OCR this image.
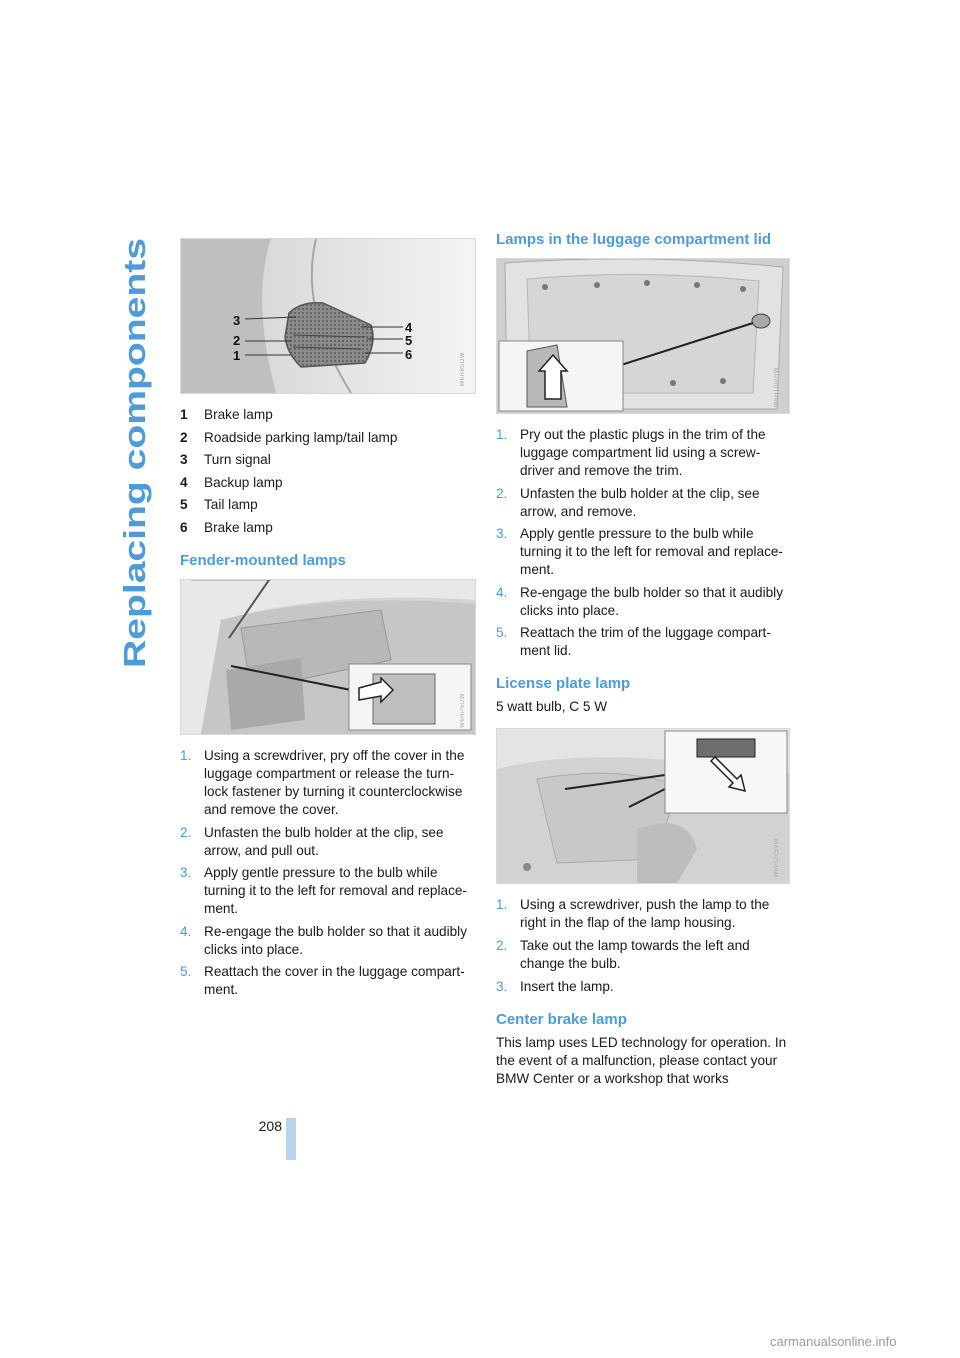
Replacing components
3
2
1
4
5
6	W6R8SOW
1	Brake lamp
2	Roadside parking lamp/tail lamp
3	Turn signal
4	Backup lamp
5	Tail lamp
6	Brake lamp
Fender-mounted lamps
W6HPSDW
1. Using a screwdriver, pry off the cover in the luggage compartment or release the turn-lock fastener by turning it counterclockwise and remove the cover.
2. Unfasten the bulb holder at the clip, see arrow, and pull out.
3. Apply gentle pressure to the bulb while turning it to the left for removal and replace-ment.
4. Re-engage the bulb holder so that it audibly clicks into place.
5. Reattach the cover in the luggage compart-ment.
Lamps in the luggage compartment lid
W6H10IPRW
1. Pry out the plastic plugs in the trim of the luggage compartment lid using a screw-driver and remove the trim.
2. Unfasten the bulb holder at the clip, see arrow, and remove.
3. Apply gentle pressure to the bulb while turning it to the left for removal and replace-ment.
4. Re-engage the bulb holder so that it audibly clicks into place.
5. Reattach the trim of the luggage compart-ment lid.
License plate lamp

5 watt bulb, C 5 W

W6PCRSVW
1. Using a screwdriver, push the lamp to the right in the flap of the lamp housing.
2. Take out the lamp towards the left and change the bulb.
3. Insert the lamp.
Center brake lamp

This lamp uses LED technology for operation. In the event of a malfunction, please contact your BMW Center or a workshop that works

208
carmanualsonline.info
